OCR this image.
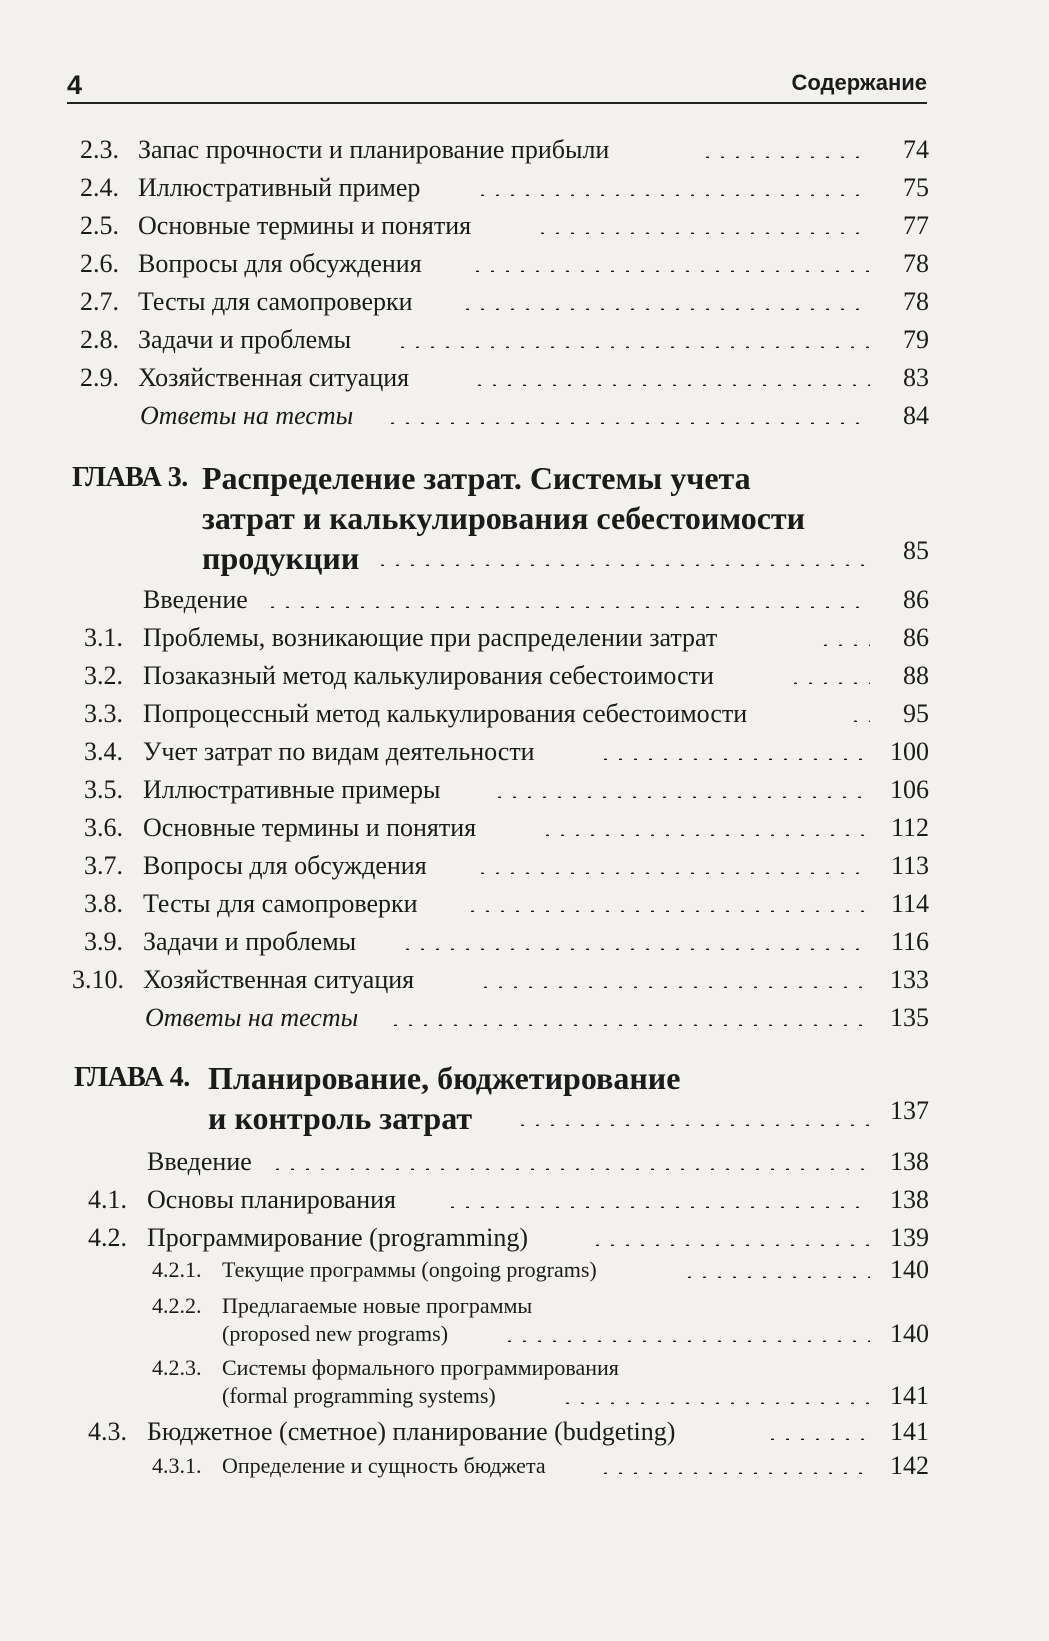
4	Содержание
2.3. Запас прочности и планирование прибыли	74
2.4. Иллюстративный пример	75
2.5. Основные термины и понятия	77
2.6. Вопросы для обсуждения	78
2.7. Тесты для самопроверки	78
2.8. Задачи и проблемы	79
2.9. Хозяйственная ситуация	83
Ответы на тесты	84
ГЛАВА 3. Распределение затрат. Системы учета
затрат и калькулирования себестоимости
продукции	85
Введение	86
3.1. Проблемы, возникающие при распределении затрат	86
3.2. Позаказный метод калькулирования себестоимости	88
3.3. Попроцессный метод калькулирования себестоимости	95
3.4. Учет затрат по видам деятельности	100
3.5. Иллюстративные примеры	106
3.6. Основные термины и понятия	112
3.7. Вопросы для обсуждения	113
3.8. Тесты для самопроверки	114
3.9. Задачи и проблемы	116
3.10. Хозяйственная ситуация	133
Ответы на тесты	135
ГЛАВА 4. Планирование, бюджетирование
и контроль затрат	137
Введение	138
4.1. Основы планирования	138
4.2. Программирование (programming)	139
4.2.1. Текущие программы (ongoing programs)	140
4.2.2. Предлагаемые новые программы
(proposed new programs)	140
4.2.3. Системы формального программирования
(formal programming systems)	141
4.3. Бюджетное (сметное) планирование (budgeting)	141
4.3.1. Определение и сущность бюджета	142
